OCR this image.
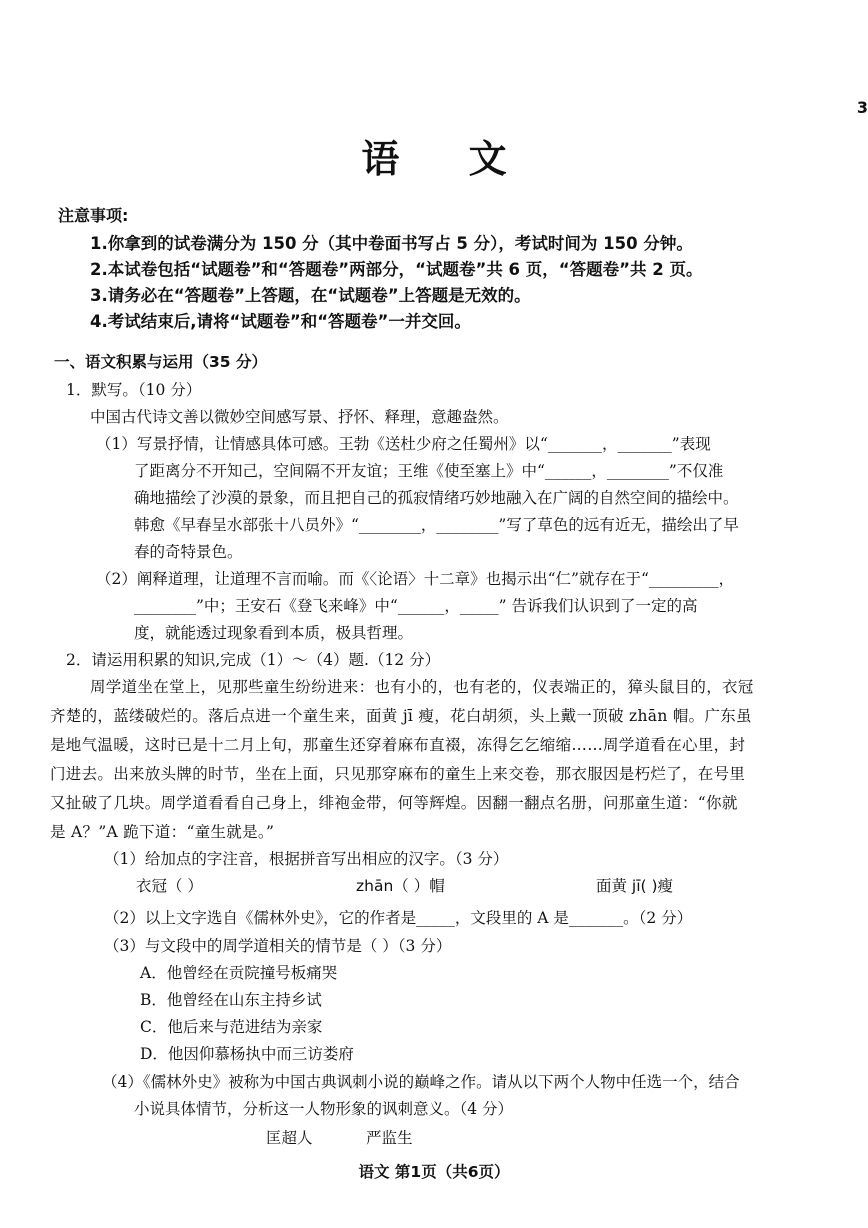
3
语 文
注意事项:
1.你拿到的试卷满分为 150 分（其中卷面书写占 5 分），考试时间为 150 分钟。
2.本试卷包括“试题卷”和“答题卷”两部分，“试题卷”共 6 页，“答题卷”共 2 页。
3.请务必在“答题卷”上答题，在“试题卷”上答题是无效的。
4.考试结束后,请将“试题卷”和“答题卷”一并交回。
一、语文积累与运用（35 分）
1．默写。（10 分）
中国古代诗文善以微妙空间感写景、抒怀、释理，意趣盎然。
（1）写景抒情，让情感具体可感。王勃《送杜少府之任蜀州》以“_______，_______”表现
了距离分不开知己，空间隔不开友谊；王维《使至塞上》中“______，________”不仅准
确地描绘了沙漠的景象，而且把自己的孤寂情绪巧妙地融入在广阔的自然空间的描绘中。
韩愈《早春呈水部张十八员外》“________，________”写了草色的远有近无，描绘出了早
春的奇特景色。
（2）阐释道理，让道理不言而喻。而《〈论语〉十二章》也揭示出“仁”就存在于“_________，
________”中；王安石《登飞来峰》中“______，_____” 告诉我们认识到了一定的高
度，就能透过现象看到本质，极具哲理。
2．请运用积累的知识,完成（1）～（4）题.（12 分）
周学道坐在堂上，见那些童生纷纷进来：也有小的，也有老的，仪表端正的，獐头鼠目的，衣冠
齐楚的，蓝缕破烂的。落后点进一个童生来，面黄 jī 瘦，花白胡须，头上戴一顶破 zhān 帽。广东虽
是地气温暖，这时已是十二月上旬，那童生还穿着麻布直裰，冻得乞乞缩缩……周学道看在心里，封
门进去。出来放头牌的时节，坐在上面，只见那穿麻布的童生上来交卷，那衣服因是朽烂了，在号里
又扯破了几块。周学道看看自己身上，绯袍金带，何等辉煌。因翻一翻点名册，问那童生道：“你就
是 A？”A 跪下道：“童生就是。”
（1）给加点的字注音，根据拼音写出相应的汉字。（3 分）
衣冠（ ）	zhān（ ）帽	面黄 jī( )瘦
（2）以上文字选自《儒林外史》，它的作者是_____，文段里的 A 是_______。（2 分）
（3）与文段中的周学道相关的情节是（ ）（3 分）
A．他曾经在贡院撞号板痛哭
B．他曾经在山东主持乡试
C．他后来与范进结为亲家
D．他因仰慕杨执中而三访娄府
（4）《儒林外史》被称为中国古典讽刺小说的巅峰之作。请从以下两个人物中任选一个，结合
小说具体情节，分析这一人物形象的讽刺意义。（4 分）
匡超人	严监生
语文 第1页（共6页）
